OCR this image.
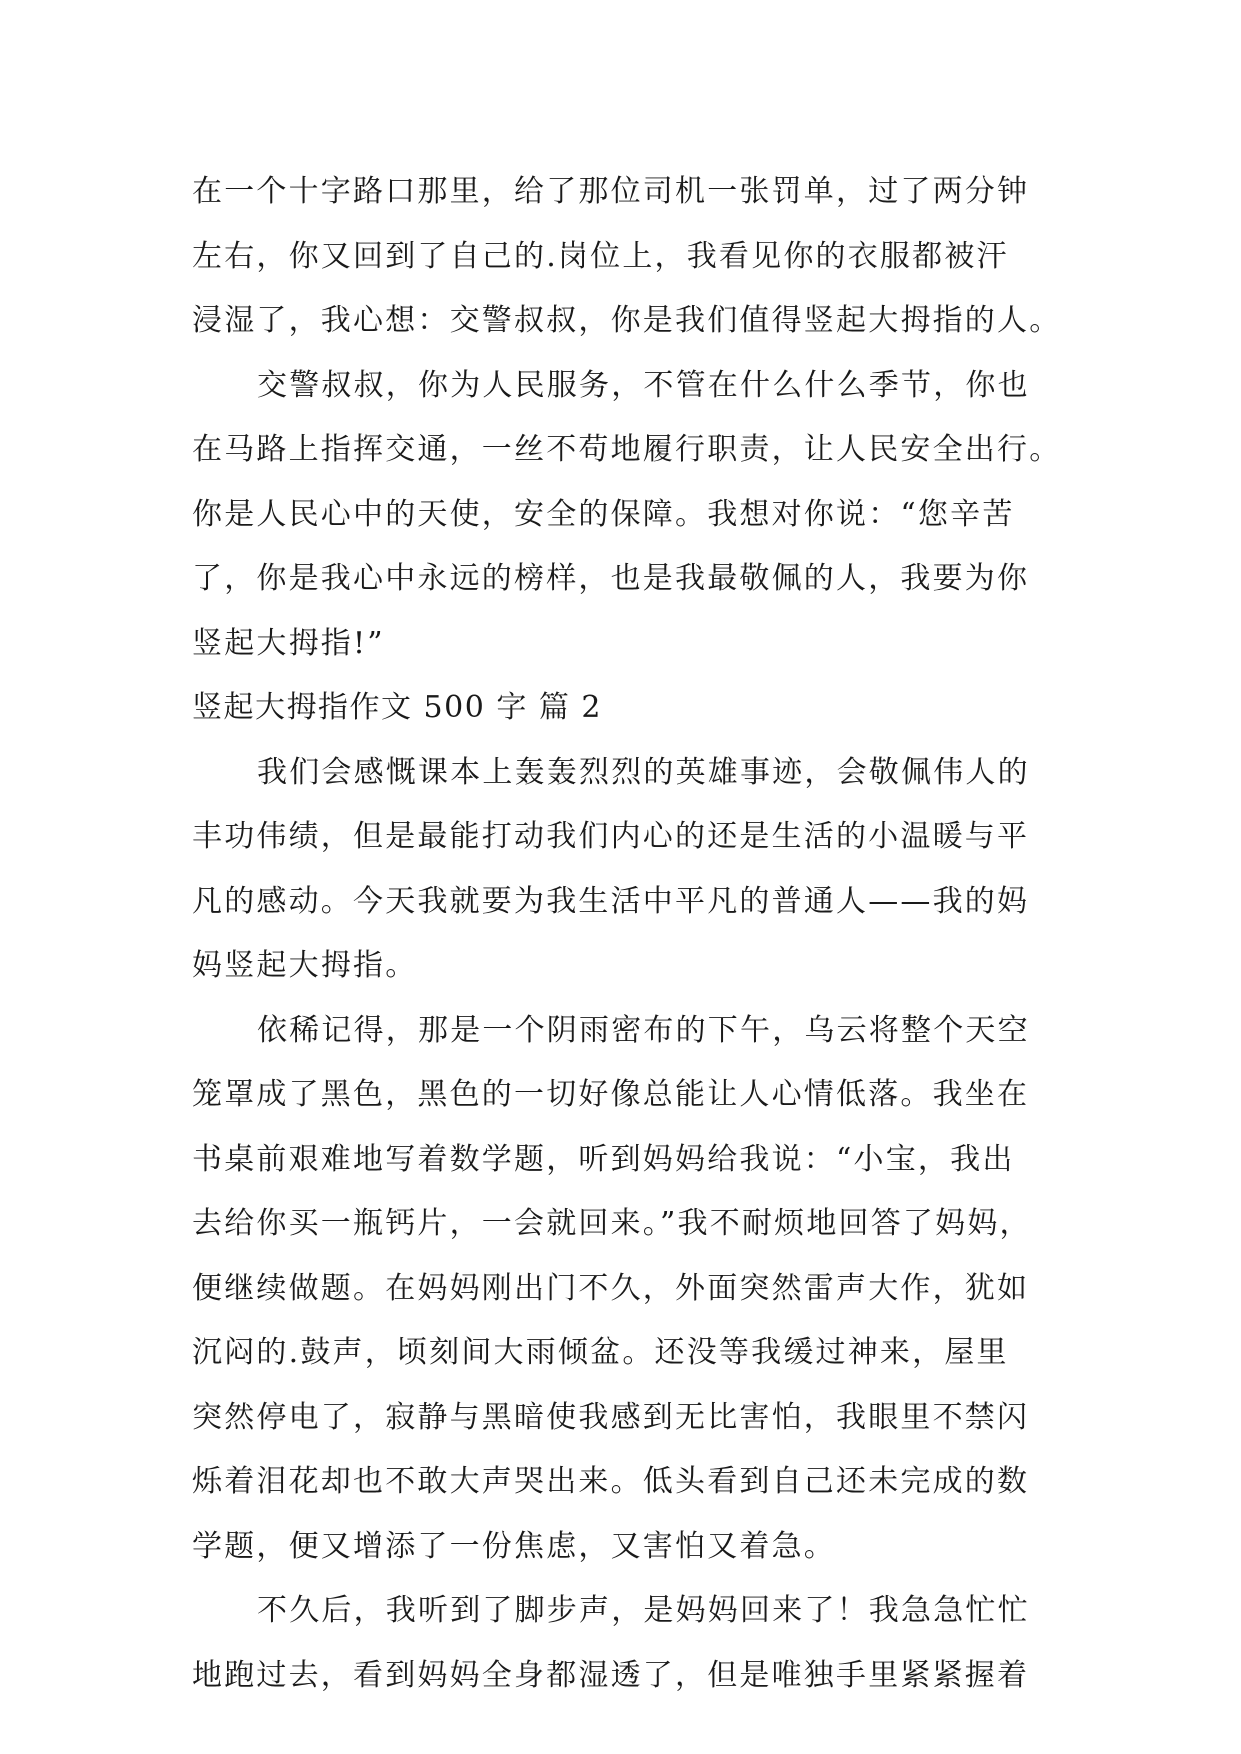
在一个十字路口那里，给了那位司机一张罚单，过了两分钟
左右，你又回到了自己的.岗位上，我看见你的衣服都被汗
浸湿了，我心想：交警叔叔，你是我们值得竖起大拇指的人。
交警叔叔，你为人民服务，不管在什么什么季节，你也
在马路上指挥交通，一丝不苟地履行职责，让人民安全出行。
你是人民心中的天使，安全的保障。我想对你说：“您辛苦
了，你是我心中永远的榜样，也是我最敬佩的人，我要为你
竖起大拇指!”
竖起大拇指作文 500 字 篇 2
我们会感慨课本上轰轰烈烈的英雄事迹，会敬佩伟人的
丰功伟绩，但是最能打动我们内心的还是生活的小温暖与平
凡的感动。今天我就要为我生活中平凡的普通人——我的妈
妈竖起大拇指。
依稀记得，那是一个阴雨密布的下午，乌云将整个天空
笼罩成了黑色，黑色的一切好像总能让人心情低落。我坐在
书桌前艰难地写着数学题，听到妈妈给我说：“小宝，我出
去给你买一瓶钙片，一会就回来。”我不耐烦地回答了妈妈，
便继续做题。在妈妈刚出门不久，外面突然雷声大作，犹如
沉闷的.鼓声，顷刻间大雨倾盆。还没等我缓过神来，屋里
突然停电了，寂静与黑暗使我感到无比害怕，我眼里不禁闪
烁着泪花却也不敢大声哭出来。低头看到自己还未完成的数
学题，便又增添了一份焦虑，又害怕又着急。
不久后，我听到了脚步声，是妈妈回来了！我急急忙忙
地跑过去，看到妈妈全身都湿透了，但是唯独手里紧紧握着
